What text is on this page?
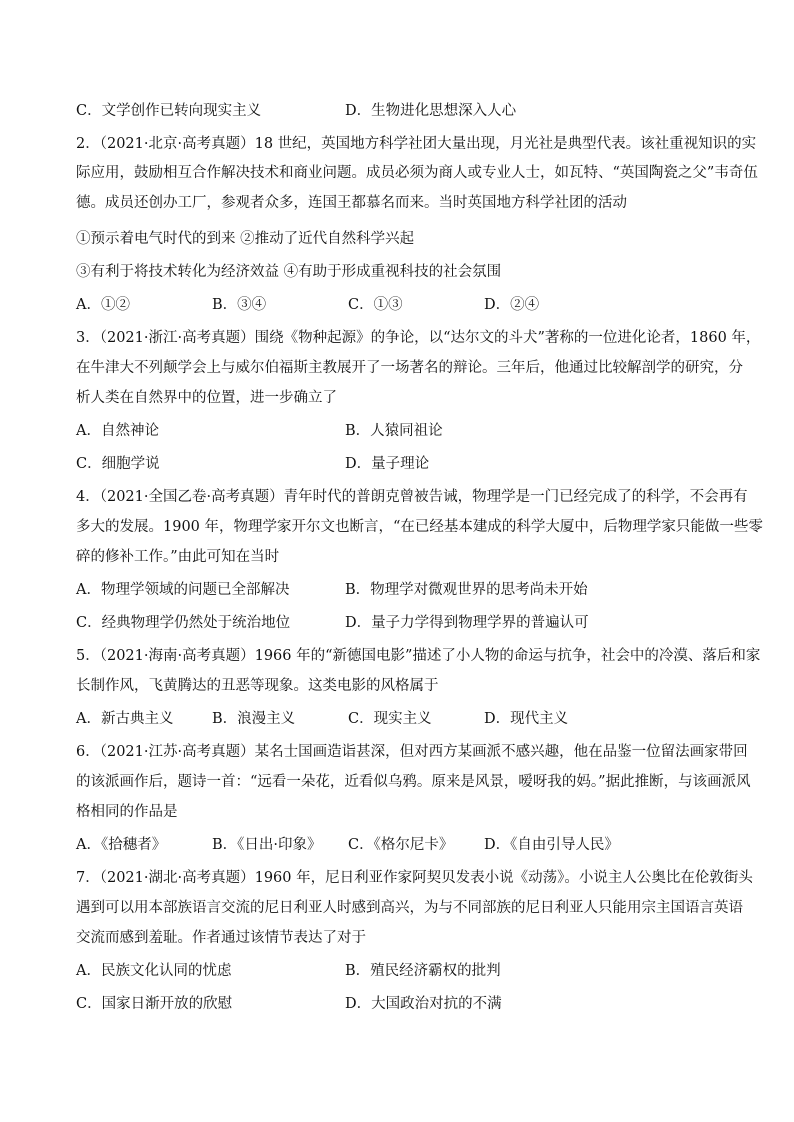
C．文学创作已转向现实主义	D．生物进化思想深入人心
2．（2021·北京·高考真题）18 世纪，英国地方科学社团大量出现，月光社是典型代表。该社重视知识的实
际应用，鼓励相互合作解决技术和商业问题。成员必须为商人或专业人士，如瓦特、“英国陶瓷之父”韦奇伍
德。成员还创办工厂，参观者众多，连国王都慕名而来。当时英国地方科学社团的活动
①预示着电气时代的到来 ②推动了近代自然科学兴起
③有利于将技术转化为经济效益 ④有助于形成重视科技的社会氛围
A．①②	B．③④	C．①③	D．②④
3．（2021·浙江·高考真题）围绕《物种起源》的争论，以“达尔文的斗犬”著称的一位进化论者，1860 年，
在牛津大不列颠学会上与威尔伯福斯主教展开了一场著名的辩论。三年后，他通过比较解剖学的研究，分
析人类在自然界中的位置，进一步确立了
A．自然神论	B．人猿同祖论
C．细胞学说	D．量子理论
4．（2021·全国乙卷·高考真题）青年时代的普朗克曾被告诫，物理学是一门已经完成了的科学，不会再有
多大的发展。1900 年，物理学家开尔文也断言，“在已经基本建成的科学大厦中，后物理学家只能做一些零
碎的修补工作。”由此可知在当时
A．物理学领域的问题已全部解决	B．物理学对微观世界的思考尚未开始
C．经典物理学仍然处于统治地位	D．量子力学得到物理学界的普遍认可
5．（2021·海南·高考真题）1966 年的“新德国电影”描述了小人物的命运与抗争，社会中的冷漠、落后和家
长制作风，飞黄腾达的丑恶等现象。这类电影的风格属于
A．新古典主义	B．浪漫主义	C．现实主义	D．现代主义
6．（2021·江苏·高考真题）某名士国画造诣甚深，但对西方某画派不感兴趣，他在品鉴一位留法画家带回
的该派画作后，题诗一首：“远看一朵花，近看似乌鸦。原来是风景，嗳呀我的妈。”据此推断，与该画派风
格相同的作品是
A．《拾穗者》	B．《日出·印象》 C．《格尔尼卡》 D．《自由引导人民》
7．（2021·湖北·高考真题）1960 年，尼日利亚作家阿契贝发表小说《动荡》。小说主人公奥比在伦敦街头
遇到可以用本部族语言交流的尼日利亚人时感到高兴，为与不同部族的尼日利亚人只能用宗主国语言英语
交流而感到羞耻。作者通过该情节表达了对于
A．民族文化认同的忧虑	B．殖民经济霸权的批判
C．国家日渐开放的欣慰	D．大国政治对抗的不满
